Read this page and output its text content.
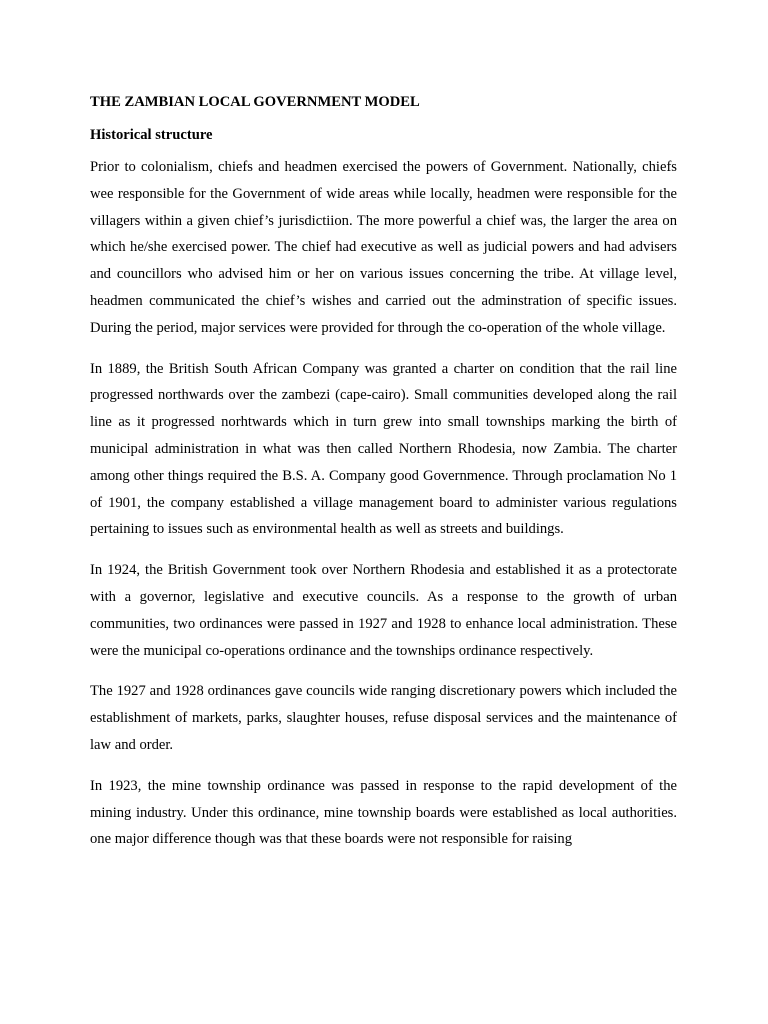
THE ZAMBIAN LOCAL GOVERNMENT MODEL
Historical structure

Prior to colonialism, chiefs and headmen exercised the powers of Government. Nationally, chiefs wee responsible for the Government of wide areas while locally, headmen were responsible for the villagers within a given chief’s jurisdictiion. The more powerful a chief was, the larger the area on which he/she exercised power. The chief had executive as well as judicial powers and had advisers and councillors who advised him or her on various issues concerning the tribe. At village level, headmen communicated the chief’s wishes and carried out the adminstration of specific issues. During the period, major services were provided for through the co-operation of the whole village.

In 1889, the British South African Company was granted a charter on condition that the rail line progressed northwards over the zambezi (cape-cairo). Small communities developed along the rail line as it progressed norhtwards which in turn grew into small townships marking the birth of municipal administration in what was then called Northern Rhodesia, now Zambia. The charter among other things required the B.S. A. Company good Governmence. Through proclamation No 1 of 1901, the company established a village management board to administer various regulations pertaining to issues such as environmental health as well as streets and buildings.

In 1924, the British Government took over Northern Rhodesia and established it as a protectorate with a governor, legislative and executive councils. As a response to the growth of urban communities, two ordinances were passed in 1927 and 1928 to enhance local administration. These were the municipal co-operations ordinance and the townships ordinance respectively.

The 1927 and 1928 ordinances gave councils wide ranging discretionary powers which included the establishment of markets, parks, slaughter houses, refuse disposal services and the maintenance of law and order.

In 1923, the mine township ordinance was passed in response to the rapid development of the mining industry. Under this ordinance, mine township boards were established as local authorities. one major difference though was that these boards were not responsible for raising
